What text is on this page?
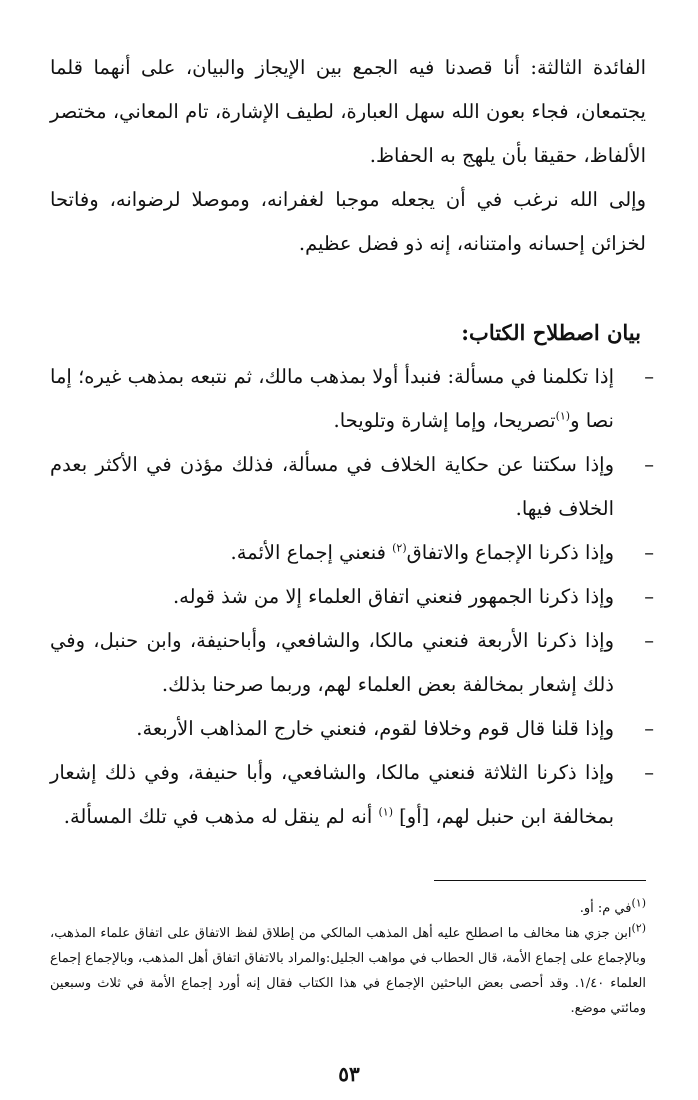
الفائدة الثالثة: أنا قصدنا فيه الجمع بين الإيجاز والبيان، على أنهما قلما يجتمعان، فجاء بعون الله سهل العبارة، لطيف الإشارة، تام المعاني، مختصر الألفاظ، حقيقا بأن يلهج به الحفاظ.

وإلى الله نرغب في أن يجعله موجبا لغفرانه، وموصلا لرضوانه، وفاتحا لخزائن إحسانه وامتنانه، إنه ذو فضل عظيم.

بيان اصطلاح الكتاب:
–
إذا تكلمنا في مسألة: فنبدأ أولا بمذهب مالك، ثم نتبعه بمذهب غيره؛ إما نصا و$^{(١)}$تصريحا، وإما إشارة وتلويحا.
–
وإذا سكتنا عن حكاية الخلاف في مسألة، فذلك مؤذن في الأكثر بعدم الخلاف فيها.
–
وإذا ذكرنا الإجماع والاتفاق$^{(٢)}$ فنعني إجماع الأئمة.
–
وإذا ذكرنا الجمهور فنعني اتفاق العلماء إلا من شذ قوله.
–
وإذا ذكرنا الأربعة فنعني مالكا، والشافعي، وأباحنيفة، وابن حنبل، وفي ذلك إشعار بمخالفة بعض العلماء لهم، وربما صرحنا بذلك.
–
وإذا قلنا قال قوم وخلافا لقوم، فنعني خارج المذاهب الأربعة.
–
وإذا ذكرنا الثلاثة فنعني مالكا، والشافعي، وأبا حنيفة، وفي ذلك إشعار بمخالفة ابن حنبل لهم، [أو] $^{(١)}$ أنه لم ينقل له مذهب في تلك المسألة.
$^{(١)}$في م: أو.
$^{(٢)}$ابن جزي هنا مخالف ما اصطلح عليه أهل المذهب المالكي من إطلاق لفظ الاتفاق على اتفاق علماء المذهب، وبالإجماع على إجماع الأمة، قال الحطاب في مواهب الجليل:والمراد بالاتفاق اتفاق أهل المذهب، وبالإجماع إجماع العلماء ١/٤٠. وقد أحصى بعض الباحثين الإجماع في هذا الكتاب فقال إنه أورد إجماع الأمة في ثلاث وسبعين ومائتي موضع.
٥٣
